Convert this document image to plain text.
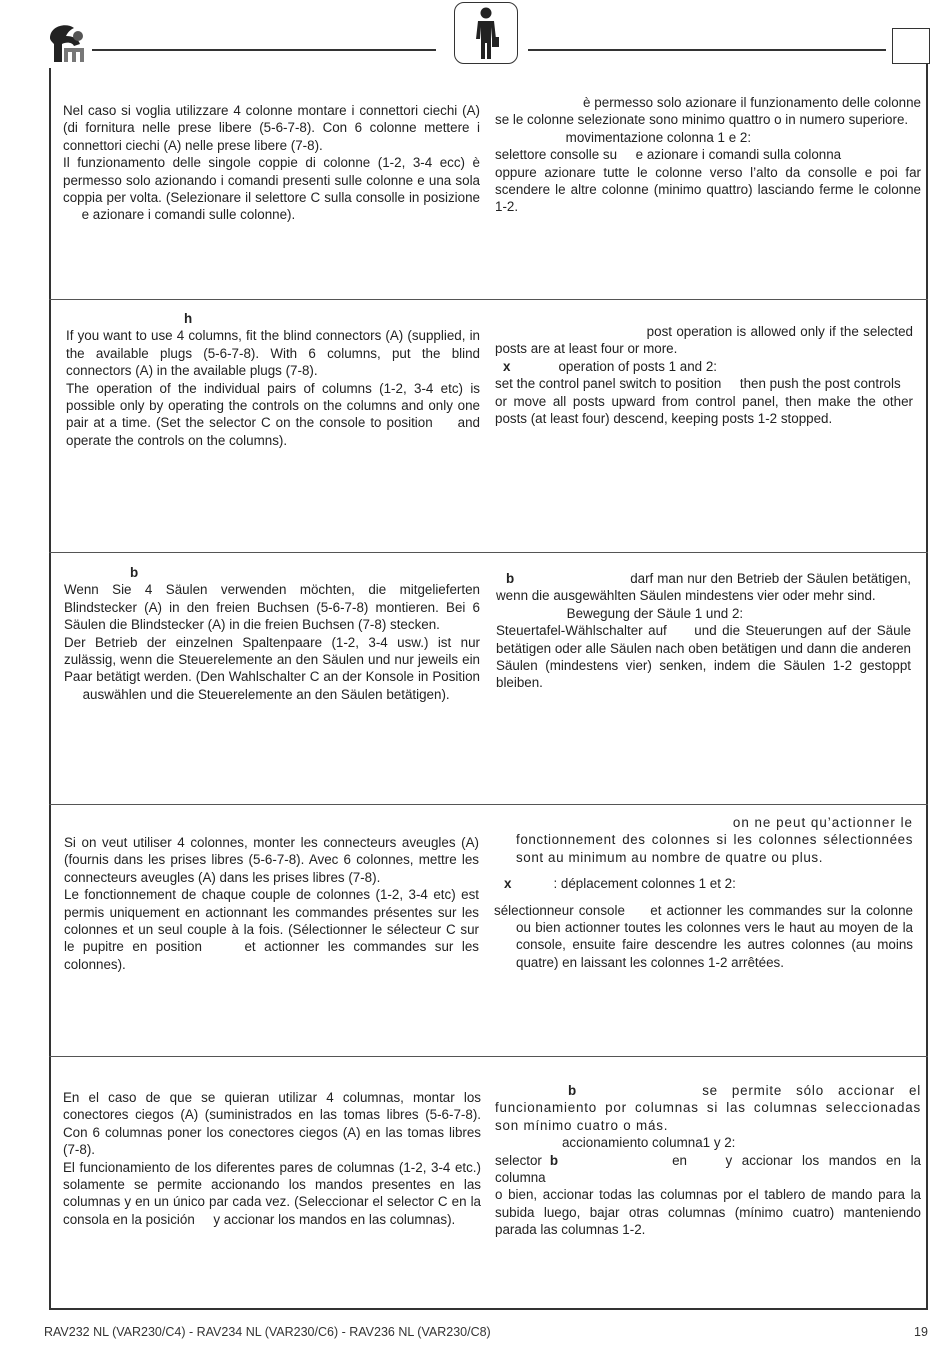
Nel caso si voglia utilizzare 4 colonne montare i connettori ciechi (A) (di fornitura nelle prese libere (5-6-7-8). Con 6 colonne mettere i connettori ciechi (A) nelle prese libere (7-8).

Il funzionamento delle singole coppie di colonne (1-2, 3-4 ecc) è permesso solo azionando i comandi presenti sulle colonne e una sola coppia per volta. (Selezionare il selettore C sulla consolle in posizione      e azionare i comandi sulle colonne).

è permesso solo azionare il funzionamento delle colonne se le colonne selezionate sono minimo quattro o in numero superiore.

movimentazione colonna 1 e 2:

selettore consolle su     e azionare i comandi sulla colonna

oppure azionare tutte le colonne verso l’alto da consolle e poi far scendere le altre colonne (minimo quattro) lasciando ferme le colonne 1-2.

h

If you want to use 4 columns, fit the blind connectors (A) (supplied, in the available plugs (5-6-7-8). With 6 columns, put the blind connectors (A) in the available plugs (7-8).

The operation of the individual pairs of columns (1-2, 3-4 etc) is possible only by operating the controls on the columns and only one pair at a time. (Set the selector C on the console to position     and operate the controls on the columns).

post operation is allowed only if the selected posts are at least four or more.

x	operation of posts 1 and 2:

set the control panel switch to position     then push the post controls

or move all posts upward from control panel, then make the other posts (at least four) descend, keeping posts 1-2 stopped.

b

Wenn Sie 4 Säulen verwenden möchten, die mitgelieferten Blindstecker (A) in den freien Buchsen (5-6-7-8) montieren. Bei 6 Säulen die Blindstecker (A) in die freien Buchsen (7-8) stecken.

Der Betrieb der einzelnen Spaltenpaare (1-2, 3-4 usw.) ist nur zulässig, wenn die Steuerelemente an den Säulen und nur jeweils ein Paar betätigt werden. (Den Wahlschalter C an der Konsole in Position      auswählen und die Steuerelemente an den Säulen betätigen).

b	darf man nur den Betrieb der Säulen betätigen, wenn die ausgewählten Säulen mindestens vier oder mehr sind.

Bewegung der Säule 1 und 2:

Steuertafel-Wählschalter auf     und die Steuerungen auf der Säule betätigen oder alle Säulen nach oben betätigen und dann die anderen Säulen (mindestens vier) senken, indem die Säulen 1-2 gestoppt bleiben.

Si on veut utiliser 4 colonnes, monter les connecteurs aveugles (A) (fournis dans les prises libres (5-6-7-8). Avec 6 colonnes, mettre les connecteurs aveugles (A) dans les prises libres (7-8).

Le fonctionnement de chaque couple de colonnes (1-2, 3-4 etc) est permis uniquement en actionnant les commandes présentes sur les colonnes et un seul couple à la fois. (Sélectionner le sélecteur C sur le pupitre en position     et actionner les commandes sur les colonnes).

on ne peut qu’actionner le

fonctionnement des colonnes si les colonnes sélectionnées sont au minimum au nombre de quatre ou plus.

x	: déplacement colonnes 1 et 2:

sélectionneur console     et actionner les commandes sur la colonne ou bien actionner toutes les colonnes vers le haut au moyen de la console, ensuite faire descendre les autres colonnes (au moins quatre) en laissant les colonnes 1-2 arrêtées.

En el caso de que se quieran utilizar 4 columnas, montar los conectores ciegos (A) (suministrados en las tomas libres (5-6-7-8). Con 6 columnas poner los conectores ciegos (A) en las tomas libres (7-8).

El funcionamiento de los diferentes pares de columnas (1-2, 3-4 etc.) solamente se permite accionando los mandos presentes en las columnas y en un único par cada vez. (Seleccionar el selector C en la consola en la posición     y accionar los mandos en las columnas).

b	se permite sólo accionar el funcionamiento por columnas si las columnas seleccionadas son mínimo cuatro o más.

accionamiento columna1 y 2:

selector b	en    y accionar los mandos en la columna

o bien, accionar todas las columnas por el tablero de mando para la subida luego, bajar otras columnas (mínimo cuatro) manteniendo parada las columnas 1-2.

RAV232 NL (VAR230/C4) - RAV234 NL (VAR230/C6) - RAV236 NL (VAR230/C8)	19
